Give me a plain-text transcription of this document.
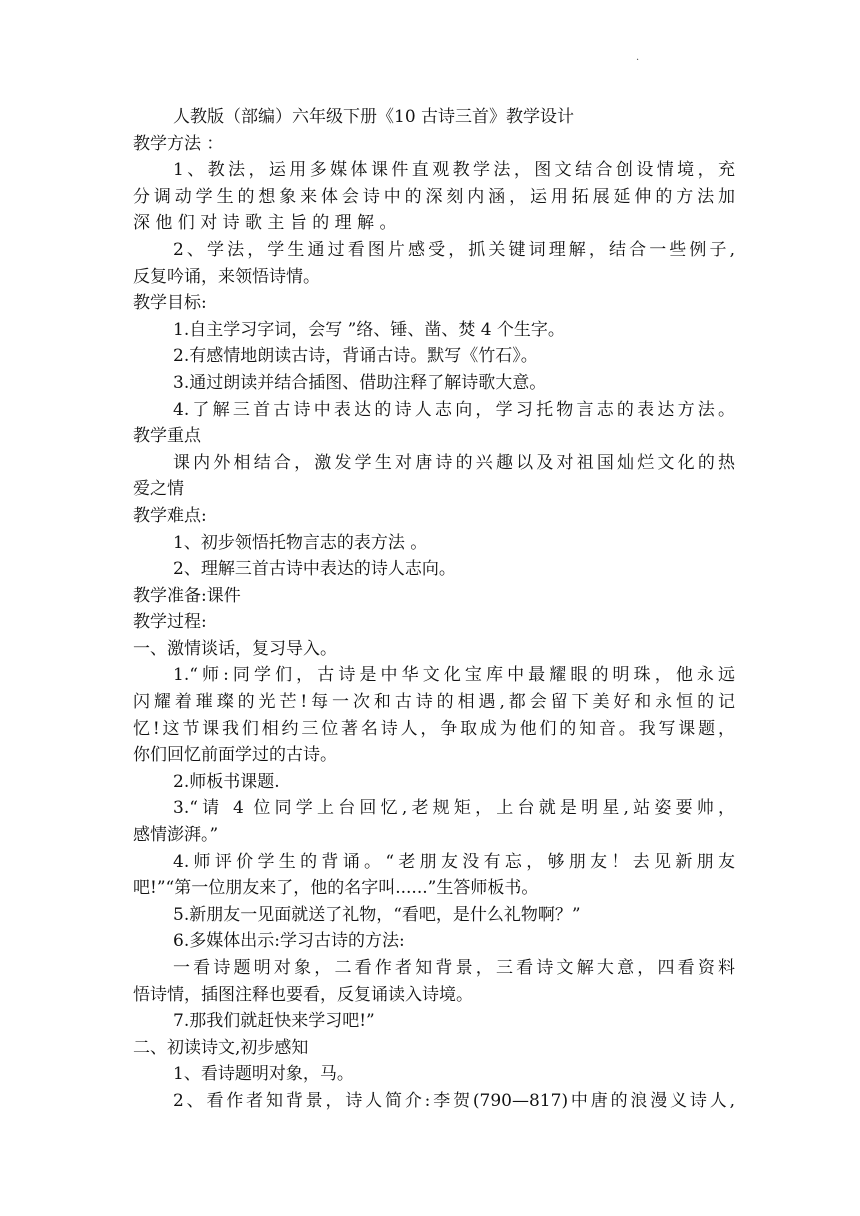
·
人教版（部编）六年级下册《10 古诗三首》教学设计
教学方法 ：
1、教法，运用多媒体课件直观教学法，图文结合创设情境，充
分调动学生的想象来体会诗中的深刻内涵，运用拓展延伸的方法加
深 他 们 对 诗 歌 主 旨 的 理 解 。
2、学法，学生通过看图片感受，抓关键词理解，结合一些例子,
反复吟诵，来领悟诗情。
教学目标:
1.自主学习字词，会写 ”络、锤、凿、焚 4 个生字。
2.有感情地朗读古诗，背诵古诗。默写《竹石》。
3.通过朗读并结合插图、借助注释了解诗歌大意。
4.了解三首古诗中表达的诗人志向，学习托物言志的表达方法。
教学重点
课内外相结合，激发学生对唐诗的兴趣以及对祖国灿烂文化的热
爱之情
教学难点:
1、初步领悟托物言志的表方法 。
2、理解三首古诗中表达的诗人志向。
教学准备:课件
教学过程:
一、激情谈话，复习导入。
1.“师:同学们，古诗是中华文化宝库中最耀眼的明珠，他永远
闪耀着璀璨的光芒!每一次和古诗的相遇,都会留下美好和永恒的记
忆!这节课我们相约三位著名诗人，争取成为他们的知音。我写课题，
你们回忆前面学过的古诗。
2.师板书课题.
3.“请 4 位同学上台回忆,老规矩，上台就是明星,站姿要帅，
感情澎湃。”
4.师评价学生的背诵。“老朋友没有忘，够朋友！去见新朋友
吧!”“第一位朋友来了，他的名字叫......”生答师板书。
5.新朋友一见面就送了礼物，“看吧，是什么礼物啊？”
6.多媒体出示:学习古诗的方法:
一看诗题明对象，二看作者知背景，三看诗文解大意，四看资料
悟诗情，插图注释也要看，反复诵读入诗境。
7.那我们就赶快来学习吧!”
二、初读诗文,初步感知
1、看诗题明对象，马。
2、看作者知背景，诗人简介:李贺(790—817)中唐的浪漫义诗人,
